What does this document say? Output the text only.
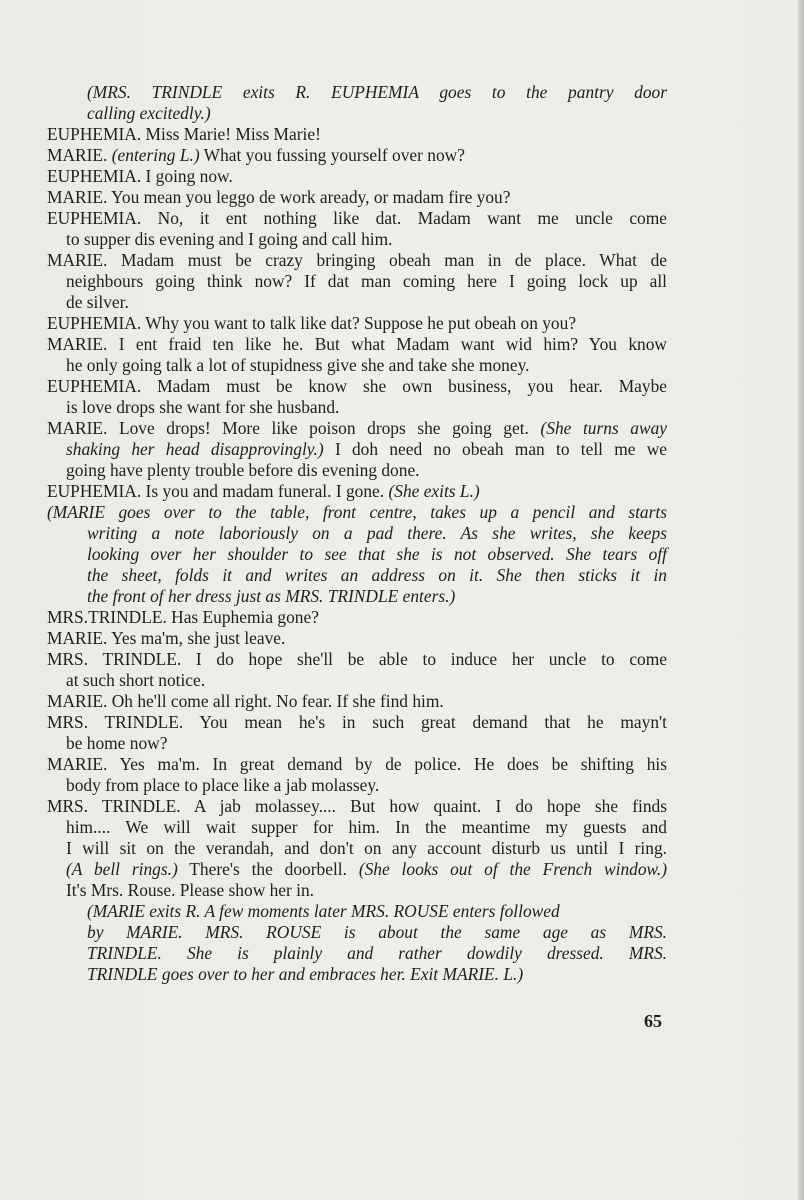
(MRS. TRINDLE exits R. EUPHEMIA goes to the pantry door
calling excitedly.)
EUPHEMIA. Miss Marie! Miss Marie!
MARIE. (entering L.) What you fussing yourself over now?
EUPHEMIA. I going now.
MARIE. You mean you leggo de work aready, or madam fire you?
EUPHEMIA. No, it ent nothing like dat. Madam want me uncle come
to supper dis evening and I going and call him.
MARIE. Madam must be crazy bringing obeah man in de place. What de
neighbours going think now? If dat man coming here I going lock up all
de silver.
EUPHEMIA. Why you want to talk like dat? Suppose he put obeah on you?
MARIE. I ent fraid ten like he. But what Madam want wid him? You know
he only going talk a lot of stupidness give she and take she money.
EUPHEMIA. Madam must be know she own business, you hear. Maybe
is love drops she want for she husband.
MARIE. Love drops! More like poison drops she going get. (She turns away
shaking her head disapprovingly.) I doh need no obeah man to tell me we
going have plenty trouble before dis evening done.
EUPHEMIA. Is you and madam funeral. I gone. (She exits L.)
(MARIE goes over to the table, front centre, takes up a pencil and starts
writing a note laboriously on a pad there. As she writes, she keeps
looking over her shoulder to see that she is not observed. She tears off
the sheet, folds it and writes an address on it. She then sticks it in
the front of her dress just as MRS. TRINDLE enters.)
MRS.TRINDLE. Has Euphemia gone?
MARIE. Yes ma'm, she just leave.
MRS. TRINDLE. I do hope she'll be able to induce her uncle to come
at such short notice.
MARIE. Oh he'll come all right. No fear. If she find him.
MRS. TRINDLE. You mean he's in such great demand that he mayn't
be home now?
MARIE. Yes ma'm. In great demand by de police. He does be shifting his
body from place to place like a jab molassey.
MRS. TRINDLE. A jab molassey.... But how quaint. I do hope she finds
him.... We will wait supper for him. In the meantime my guests and
I will sit on the verandah, and don't on any account disturb us until I ring.
(A bell rings.) There's the doorbell. (She looks out of the French window.)
It's Mrs. Rouse. Please show her in.
(MARIE exits R. A few moments later MRS. ROUSE enters followed
by MARIE. MRS. ROUSE is about the same age as MRS.
TRINDLE. She is plainly and rather dowdily dressed. MRS.
TRINDLE goes over to her and embraces her. Exit MARIE. L.)
65
